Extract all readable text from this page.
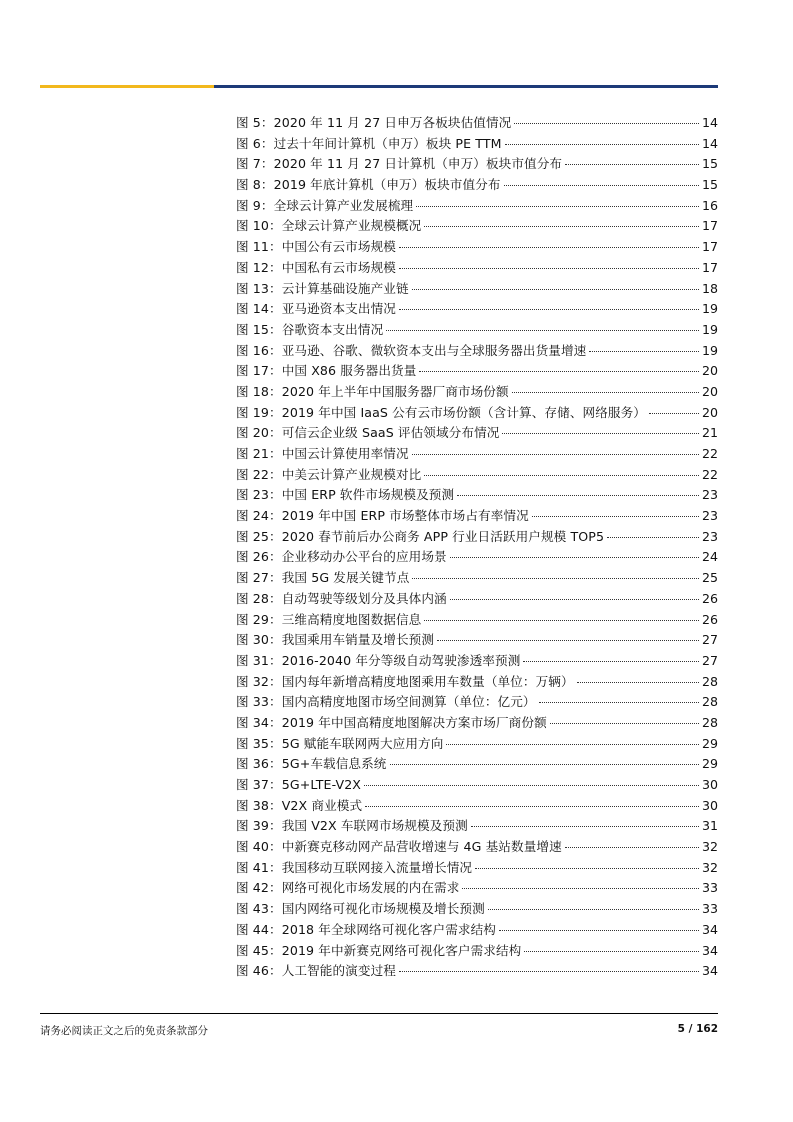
图 5： 2020 年 11 月 27 日申万各板块估值情况	14
图 6： 过去十年间计算机（申万）板块 PE TTM	14
图 7： 2020 年 11 月 27 日计算机（申万）板块市值分布	15
图 8： 2019 年底计算机（申万）板块市值分布	15
图 9： 全球云计算产业发展梳理	16
图 10： 全球云计算产业规模概况	17
图 11： 中国公有云市场规模	17
图 12： 中国私有云市场规模	17
图 13： 云计算基础设施产业链	18
图 14： 亚马逊资本支出情况	19
图 15： 谷歌资本支出情况	19
图 16： 亚马逊、谷歌、微软资本支出与全球服务器出货量增速	19
图 17： 中国 X86 服务器出货量	20
图 18： 2020 年上半年中国服务器厂商市场份额	20
图 19： 2019 年中国 IaaS 公有云市场份额（含计算、存储、网络服务）	20
图 20： 可信云企业级 SaaS 评估领域分布情况	21
图 21： 中国云计算使用率情况	22
图 22： 中美云计算产业规模对比	22
图 23： 中国 ERP 软件市场规模及预测	23
图 24： 2019 年中国 ERP 市场整体市场占有率情况	23
图 25： 2020 春节前后办公商务 APP 行业日活跃用户规模 TOP5	23
图 26： 企业移动办公平台的应用场景	24
图 27： 我国 5G 发展关键节点	25
图 28： 自动驾驶等级划分及具体内涵	26
图 29： 三维高精度地图数据信息	26
图 30： 我国乘用车销量及增长预测	27
图 31： 2016-2040 年分等级自动驾驶渗透率预测	27
图 32： 国内每年新增高精度地图乘用车数量（单位：万辆）	28
图 33： 国内高精度地图市场空间测算（单位：亿元）	28
图 34： 2019 年中国高精度地图解决方案市场厂商份额	28
图 35： 5G 赋能车联网两大应用方向	29
图 36： 5G+车载信息系统	29
图 37： 5G+LTE-V2X	30
图 38： V2X 商业模式	30
图 39： 我国 V2X 车联网市场规模及预测	31
图 40： 中新赛克移动网产品营收增速与 4G 基站数量增速	32
图 41： 我国移动互联网接入流量增长情况	32
图 42： 网络可视化市场发展的内在需求	33
图 43： 国内网络可视化市场规模及增长预测	33
图 44： 2018 年全球网络可视化客户需求结构	34
图 45： 2019 年中新赛克网络可视化客户需求结构	34
图 46： 人工智能的演变过程	34
请务必阅读正文之后的免责条款部分	5 / 162
